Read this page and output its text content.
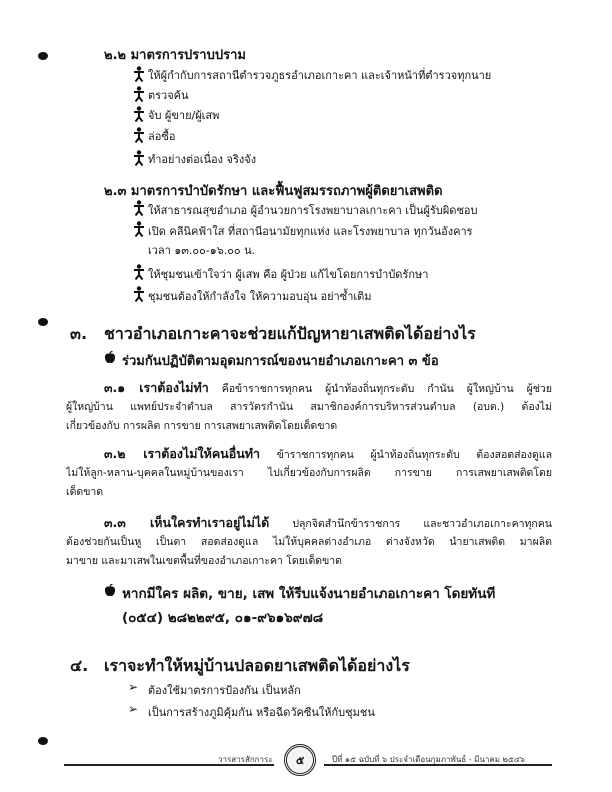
๒.๒ มาตรการปราบปราม
ให้ผู้กำกับการสถานีตำรวจภูธรอำเภอเกาะคา และเจ้าหน้าที่ตำรวจทุกนาย
ตรวจค้น
จับ ผู้ขาย/ผู้เสพ
ล่อซื้อ
ทำอย่างต่อเนื่อง จริงจัง
๒.๓ มาตรการบำบัดรักษา และฟื้นฟูสมรรถภาพผู้ติดยาเสพติด
ให้สาธารณสุขอำเภอ ผู้อำนวยการโรงพยาบาลเกาะคา เป็นผู้รับผิดชอบ
เปิด คลีนิคฟ้าใส ที่สถานีอนามัยทุกแห่ง และโรงพยาบาล ทุกวันอังคาร
เวลา ๑๓.๐๐-๑๖.๐๐ น.
ให้ชุมชนเข้าใจว่า ผู้เสพ คือ ผู้ป่วย แก้ไขโดยการบำบัดรักษา
ชุมชนต้องให้กำลังใจ ให้ความอบอุ่น อย่าซ้ำเติม
๓. ชาวอำเภอเกาะคาจะช่วยแก้ปัญหายาเสพติดได้อย่างไร
ร่วมกันปฏิบัติตามอุดมการณ์ของนายอำเภอเกาะคา ๓ ข้อ
๓.๑ เราต้องไม่ทำ คือข้าราชการทุกคน ผู้นำท้องถิ่นทุกระดับ กำนัน ผู้ใหญ่บ้าน ผู้ช่วย
ผู้ใหญ่บ้าน แพทย์ประจำตำบล สารวัตรกำนัน สมาชิกองค์การบริหารส่วนตำบล (อบต.) ต้องไม่
เกี่ยวข้องกับ การผลิต การขาย การเสพยาเสพติดโดยเด็ดขาด
๓.๒ เราต้องไม่ให้คนอื่นทำ ข้าราชการทุกคน ผู้นำท้องถิ่นทุกระดับ ต้องสอดส่องดูแล
ไม่ให้ลูก-หลาน-บุคคลในหมู่บ้านของเรา ไปเกี่ยวข้องกับการผลิต การขาย การเสพยาเสพติดโดย
เด็ดขาด
๓.๓ เห็นใครทำเราอยู่ไม่ได้ ปลุกจิตสำนึกข้าราชการ และชาวอำเภอเกาะคาทุกคน
ต้องช่วยกันเป็นหู เป็นตา สอดส่องดูแล ไม่ให้บุคคลต่างอำเภอ ต่างจังหวัด นำยาเสพติด มาผลิต
มาขาย และมาเสพในเขตพื้นที่ของอำเภอเกาะคา โดยเด็ดขาด
หากมีใคร ผลิต, ขาย, เสพ ให้รีบแจ้งนายอำเภอเกาะคา โดยทันที
(๐๕๔) ๒๘๒๒๙๕, ๐๑-๙๖๑๖๙๗๘
๔. เราจะทำให้หมู่บ้านปลอดยาเสพติดได้อย่างไร
➢ ต้องใช้มาตรการป้องกัน เป็นหลัก
➢ เป็นการสร้างภูมิคุ้มกัน หรือฉีดวัคซีนให้กับชุมชน
วารสารสักการะ ๕	ปีที่ ๑๕ ฉบับที่ ๖ ประจำเดือนกุมภาพันธ์ - มีนาคม ๒๕๔๖
